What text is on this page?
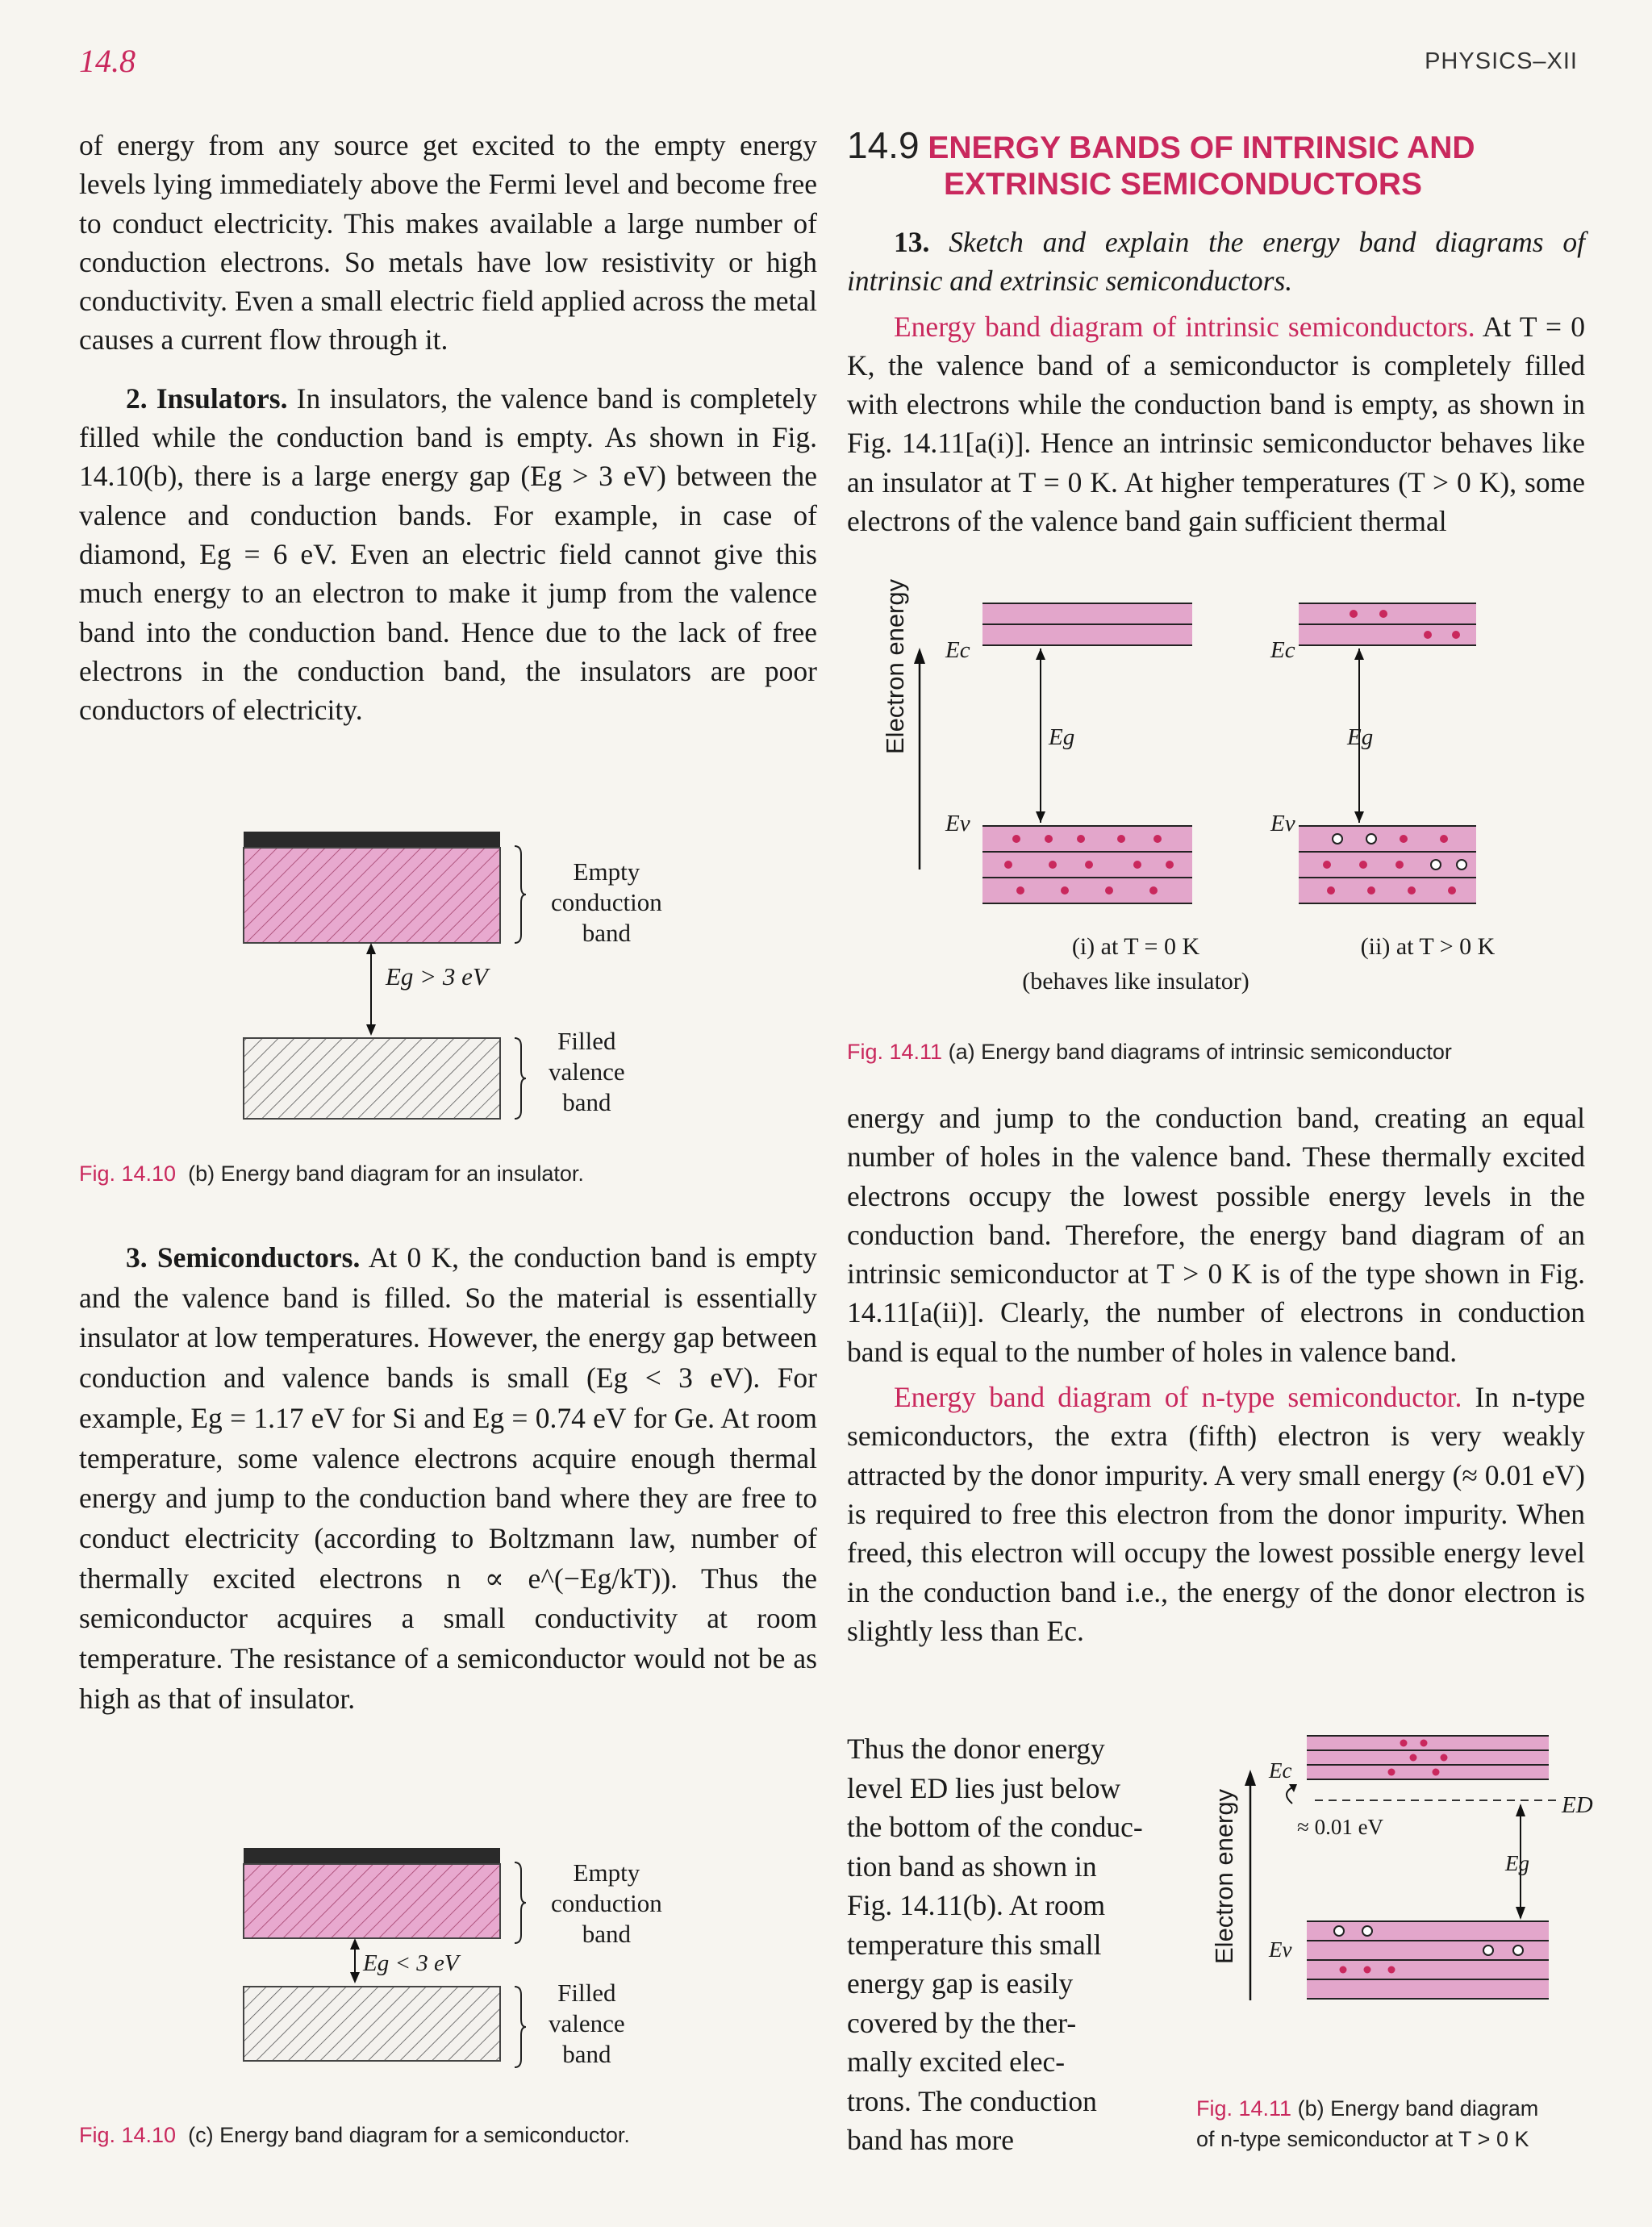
14.8	PHYSICS–XII

of energy from any source get excited to the empty energy levels lying immediately above the Fermi level and become free to conduct electricity. This makes available a large number of conduction electrons. So metals have low resistivity or high conductivity. Even a small electric field applied across the metal causes a current flow through it.

2. Insulators. In insulators, the valence band is completely filled while the conduction band is empty. As shown in Fig. 14.10(b), there is a large energy gap (Eg > 3 eV) between the valence and conduction bands. For example, in case of diamond, Eg = 6 eV. Even an electric field cannot give this much energy to an electron to make it jump from the valence band into the conduction band. Hence due to the lack of free electrons in the conduction band, the insulators are poor conductors of electricity.

Empty
conduction
band
Eg > 3 eV
Filled
valence
band
Fig. 14.10 (b) Energy band diagram for an insulator.

3. Semiconductors. At 0 K, the conduction band is empty and the valence band is filled. So the material is essentially insulator at low temperatures. However, the energy gap between conduction and valence bands is small (Eg < 3 eV). For example, Eg = 1.17 eV for Si and Eg = 0.74 eV for Ge. At room temperature, some valence electrons acquire enough thermal energy and jump to the conduction band where they are free to conduct electricity (according to Boltzmann law, number of thermally excited electrons n ∝ e^(−Eg/kT)). Thus the semiconductor acquires a small conductivity at room temperature. The resistance of a semiconductor would not be as high as that of insulator.

Empty
conduction
band
Eg < 3 eV
Filled
valence
band
Fig. 14.10 (c) Energy band diagram for a semiconductor.
14.9 ENERGY BANDS OF INTRINSIC AND
EXTRINSIC SEMICONDUCTORS

13. Sketch and explain the energy band diagrams of intrinsic and extrinsic semiconductors.

Energy band diagram of intrinsic semiconductors. At T = 0 K, the valence band of a semiconductor is completely filled with electrons while the conduction band is empty, as shown in Fig. 14.11[a(i)]. Hence an intrinsic semiconductor behaves like an insulator at T = 0 K. At higher temperatures (T > 0 K), some electrons of the valence band gain sufficient thermal

Electron energy Ec
Eg
Ev
Ec
Eg
Ev
(i) at T = 0 K
(behaves like insulator)
(ii) at T > 0 K
Fig. 14.11 (a) Energy band diagrams of intrinsic semiconductor

energy and jump to the conduction band, creating an equal number of holes in the valence band. These thermally excited electrons occupy the lowest possible energy levels in the conduction band. Therefore, the energy band diagram of an intrinsic semiconductor at T > 0 K is of the type shown in Fig. 14.11[a(ii)]. Clearly, the number of electrons in conduction band is equal to the number of holes in valence band.

Energy band diagram of n-type semiconductor. In n-type semiconductors, the extra (fifth) electron is very weakly attracted by the donor impurity. A very small energy (≈ 0.01 eV) is required to free this electron from the donor impurity. When freed, this electron will occupy the lowest possible energy level in the conduction band i.e., the energy of the donor electron is slightly less than Ec.

Thus the donor energy
level ED lies just below
the bottom of the conduc-
tion band as shown in
Fig. 14.11(b). At room
temperature this small
energy gap is easily
covered by the ther-
mally excited elec-
trons. The conduction
band has more
Electron energy
Ec
ED
≈ 0.01 eV
Eg
Ev
Fig. 14.11 (b) Energy band diagram
of n-type semiconductor at T > 0 K
